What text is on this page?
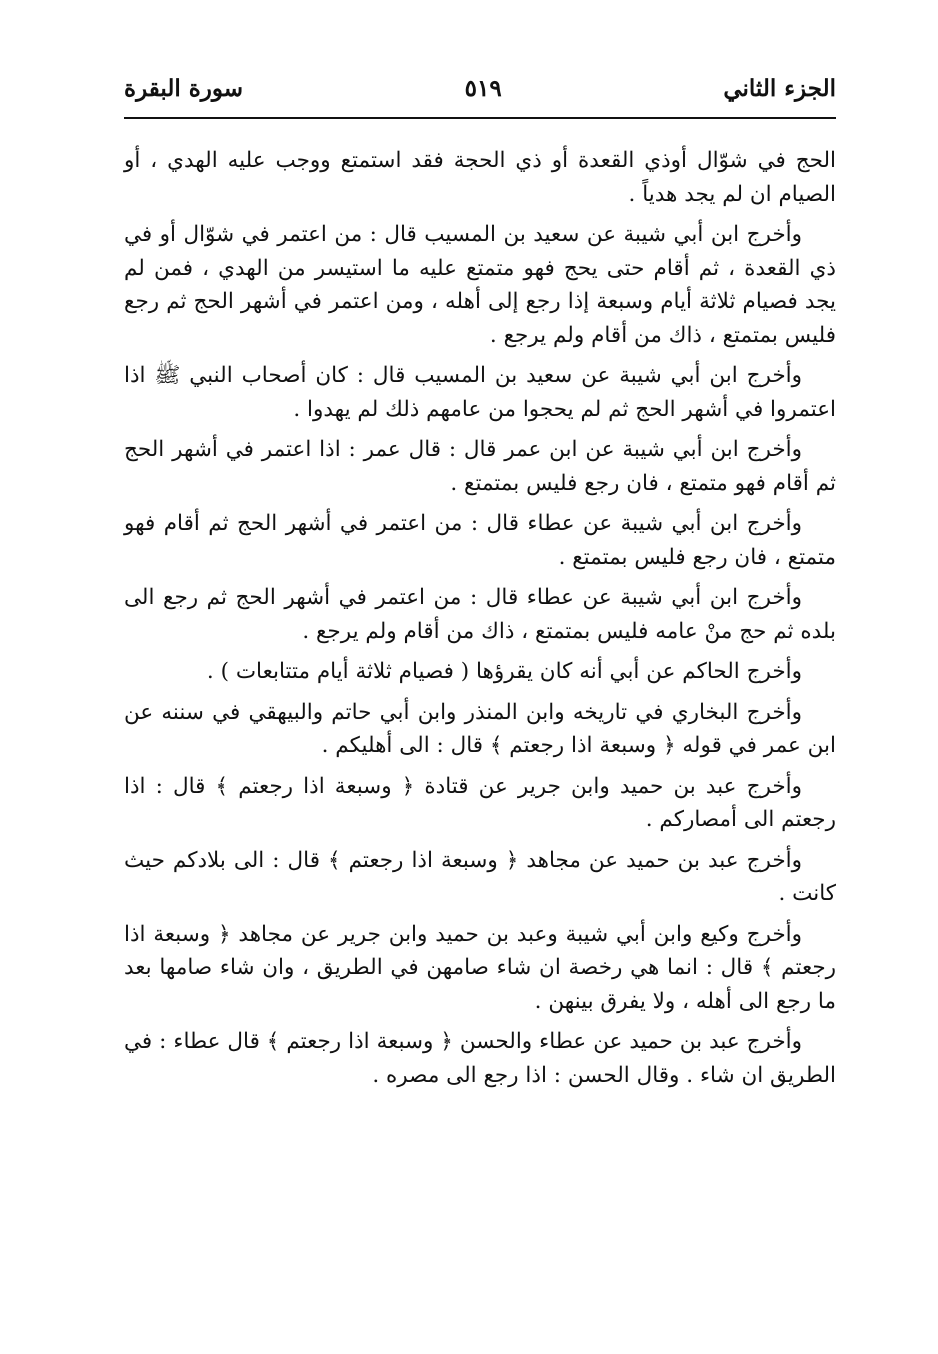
الجزء الثاني
٥١٩
سورة البقرة

الحج في شوّال أوذي القعدة أو ذي الحجة فقد استمتع ووجب عليه الهدي ، أو الصيام ان لم يجد هدياً .

وأخرج ابن أبي شيبة عن سعيد بن المسيب قال : من اعتمر في شوّال أو في ذي القعدة ، ثم أقام حتى يحج فهو متمتع عليه ما استيسر من الهدي ، فمن لم يجد فصيام ثلاثة أيام وسبعة إذا رجع إلى أهله ، ومن اعتمر في أشهر الحج ثم رجع فليس بمتمتع ، ذاك من أقام ولم يرجع .

وأخرج ابن أبي شيبة عن سعيد بن المسيب قال : كان أصحاب النبي ﷺ اذا اعتمروا في أشهر الحج ثم لم يحجوا من عامهم ذلك لم يهدوا .

وأخرج ابن أبي شيبة عن ابن عمر قال : قال عمر : اذا اعتمر في أشهر الحج ثم أقام فهو متمتع ، فان رجع فليس بمتمتع .

وأخرج ابن أبي شيبة عن عطاء قال : من اعتمر في أشهر الحج ثم أقام فهو متمتع ، فان رجع فليس بمتمتع .

وأخرج ابن أبي شيبة عن عطاء قال : من اعتمر في أشهر الحج ثم رجع الى بلده ثم حج منْ عامه فليس بمتمتع ، ذاك من أقام ولم يرجع .

وأخرج الحاكم عن أبي أنه كان يقرؤها ( فصيام ثلاثة أيام متتابعات ) .

وأخرج البخاري في تاريخه وابن المنذر وابن أبي حاتم والبيهقي في سننه عن ابن عمر في قوله ﴿ وسبعة اذا رجعتم ﴾ قال : الى أهليكم .

وأخرج عبد بن حميد وابن جرير عن قتادة ﴿ وسبعة اذا رجعتم ﴾ قال : اذا رجعتم الى أمصاركم .

وأخرج عبد بن حميد عن مجاهد ﴿ وسبعة اذا رجعتم ﴾ قال : الى بلادكم حيث كانت .

وأخرج وكيع وابن أبي شيبة وعبد بن حميد وابن جرير عن مجاهد ﴿ وسبعة اذا رجعتم ﴾ قال : انما هي رخصة ان شاء صامهن في الطريق ، وان شاء صامها بعد ما رجع الى أهله ، ولا يفرق بينهن .

وأخرج عبد بن حميد عن عطاء والحسن ﴿ وسبعة اذا رجعتم ﴾ قال عطاء : في الطريق ان شاء . وقال الحسن : اذا رجع الى مصره .
